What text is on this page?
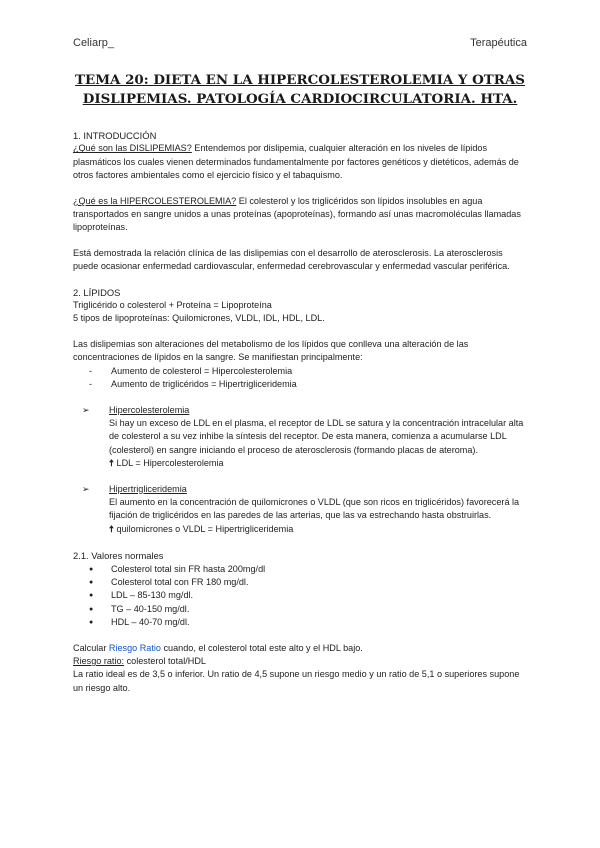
Celiarp_	Terapéutica
TEMA 20: DIETA EN LA HIPERCOLESTEROLEMIA Y OTRAS
DISLIPEMIAS. PATOLOGÍA CARDIOCIRCULATORIA. HTA.

1. INTRODUCCIÓN

¿Qué son las DISLIPEMIAS? Entendemos por dislipemia, cualquier alteración en los niveles de lípidos plasmáticos los cuales vienen determinados fundamentalmente por factores genéticos y dietéticos, además de otros factores ambientales como el ejercicio físico y el tabaquismo.

¿Qué es la HIPERCOLESTEROLEMIA? El colesterol y los triglicéridos son lípidos insolubles en agua transportados en sangre unidos a unas proteínas (apoproteínas), formando así unas macromoléculas llamadas lipoproteínas.

Está demostrada la relación clínica de las dislipemias con el desarrollo de aterosclerosis. La aterosclerosis puede ocasionar enfermedad cardiovascular, enfermedad cerebrovascular y enfermedad vascular periférica.

2. LÍPIDOS

Triglicérido o colesterol + Proteína = Lipoproteína

5 tipos de lipoproteínas: Quilomicrones, VLDL, IDL, HDL, LDL.

Las dislipemias son alteraciones del metabolismo de los lípidos que conlleva una alteración de las concentraciones de lípidos en la sangre. Se manifiestan principalmente:

- Aumento de colesterol = Hipercolesterolemia
- Aumento de triglicéridos = Hipertrigliceridemia
➢	Hipercolesterolemia

Si hay un exceso de LDL en el plasma, el receptor de LDL se satura y la concentración intracelular alta de colesterol a su vez inhibe la síntesis del receptor. De esta manera, comienza a acumularse LDL (colesterol) en sangre iniciando el proceso de aterosclerosis (formando placas de ateroma).

🠅 LDL = Hipercolesterolemia

➢	Hipertrigliceridemia

El aumento en la concentración de quilomicrones o VLDL (que son ricos en triglicéridos) favorecerá la fijación de triglicéridos en las paredes de las arterias, que las va estrechando hasta obstruirlas.

🠅 quilomicrones o VLDL = Hipertrigliceridemia

2.1. Valores normales

● Colesterol total sin FR hasta 200mg/dl
● Colesterol total con FR 180 mg/dl.
● LDL – 85-130 mg/dl.
● TG – 40-150 mg/dl.
● HDL – 40-70 mg/dl.

Calcular Riesgo Ratio cuando, el colesterol total este alto y el HDL bajo.

Riesgo ratio: colesterol total/HDL

La ratio ideal es de 3,5 o inferior. Un ratio de 4,5 supone un riesgo medio y un ratio de 5,1 o superiores supone un riesgo alto.
